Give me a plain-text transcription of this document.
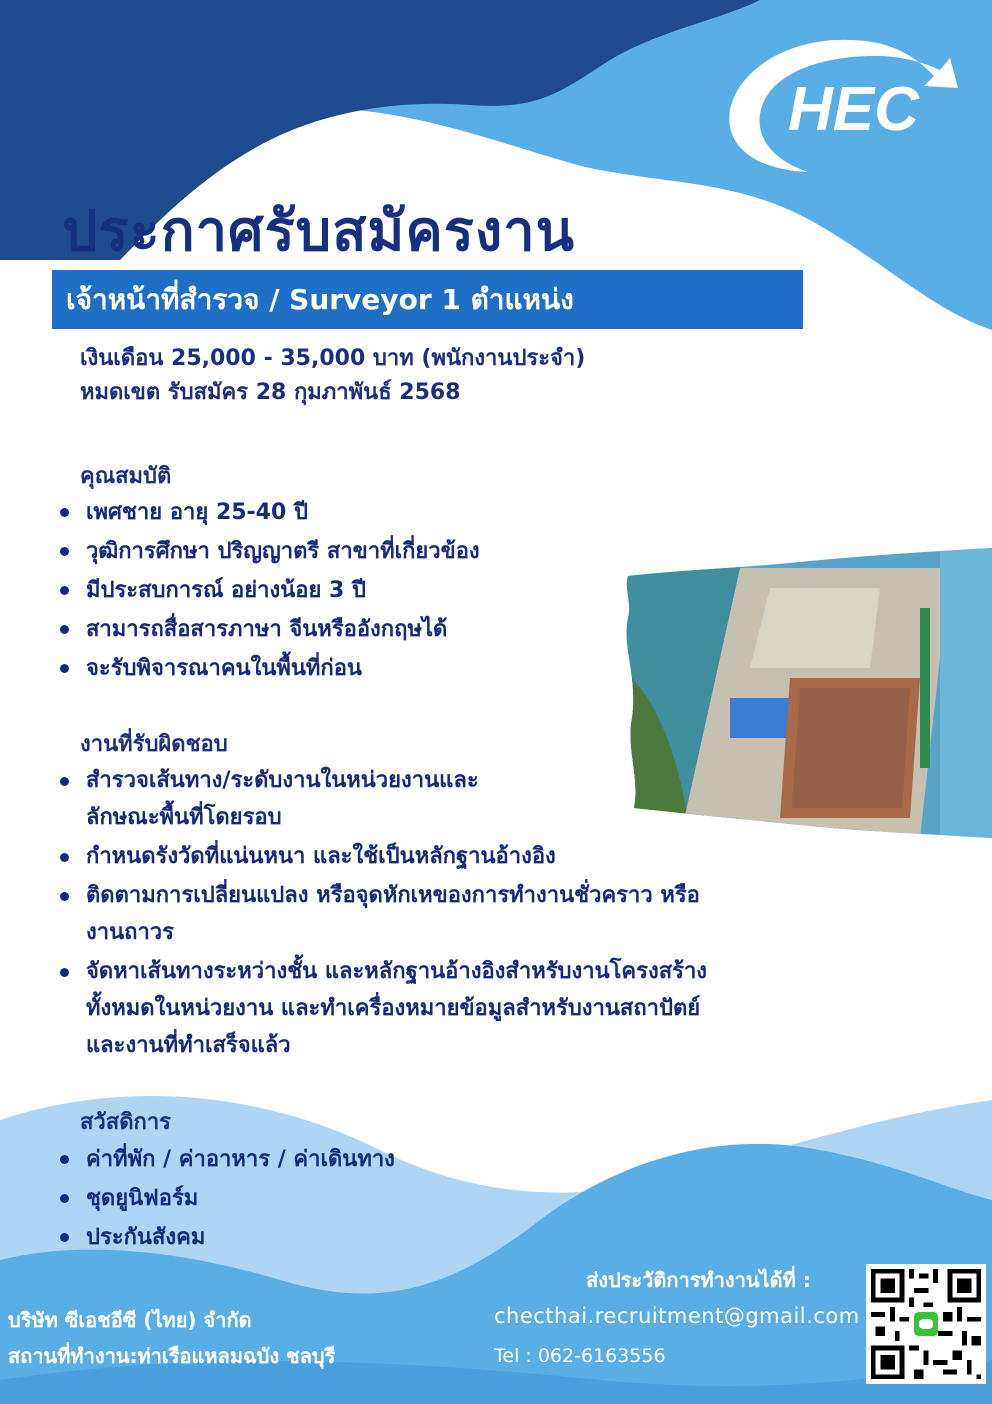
HEC
ประกาศรับสมัครงาน
เจ้าหน้าที่สำรวจ / Surveyor 1 ตำแหน่ง
เงินเดือน 25,000 - 35,000 บาท (พนักงานประจำ)
หมดเขต รับสมัคร 28 กุมภาพันธ์ 2568
คุณสมบัติ
เพศชาย อายุ 25-40 ปี
วุฒิการศึกษา ปริญญาตรี สาขาที่เกี่ยวข้อง
มีประสบการณ์ อย่างน้อย 3 ปี
สามารถสื่อสารภาษา จีนหรืออังกฤษได้
จะรับพิจารณาคนในพื้นที่ก่อน
งานที่รับผิดชอบ
สำรวจเส้นทาง/ระดับงานในหน่วยงานและ
ลักษณะพื้นที่โดยรอบ
กำหนดรังวัดที่แน่นหนา และใช้เป็นหลักฐานอ้างอิง
ติดตามการเปลี่ยนแปลง หรือจุดหักเหของการทำงานชั่วคราว หรือ
งานถาวร
จัดหาเส้นทางระหว่างชั้น และหลักฐานอ้างอิงสำหรับงานโครงสร้าง
ทั้งหมดในหน่วยงาน และทำเครื่องหมายข้อมูลสำหรับงานสถาปัตย์
และงานที่ทำเสร็จแล้ว
สวัสดิการ
ค่าที่พัก / ค่าอาหาร / ค่าเดินทาง
ชุดยูนิฟอร์ม
ประกันสังคม
บริษัท ซีเอชอีซี (ไทย) จำกัด
สถานที่ทำงาน:ท่าเรือแหลมฉบัง ชลบุรี
ส่งประวัติการทำงานได้ที่ :
checthai.recruitment@gmail.com
Tel : 062-6163556
